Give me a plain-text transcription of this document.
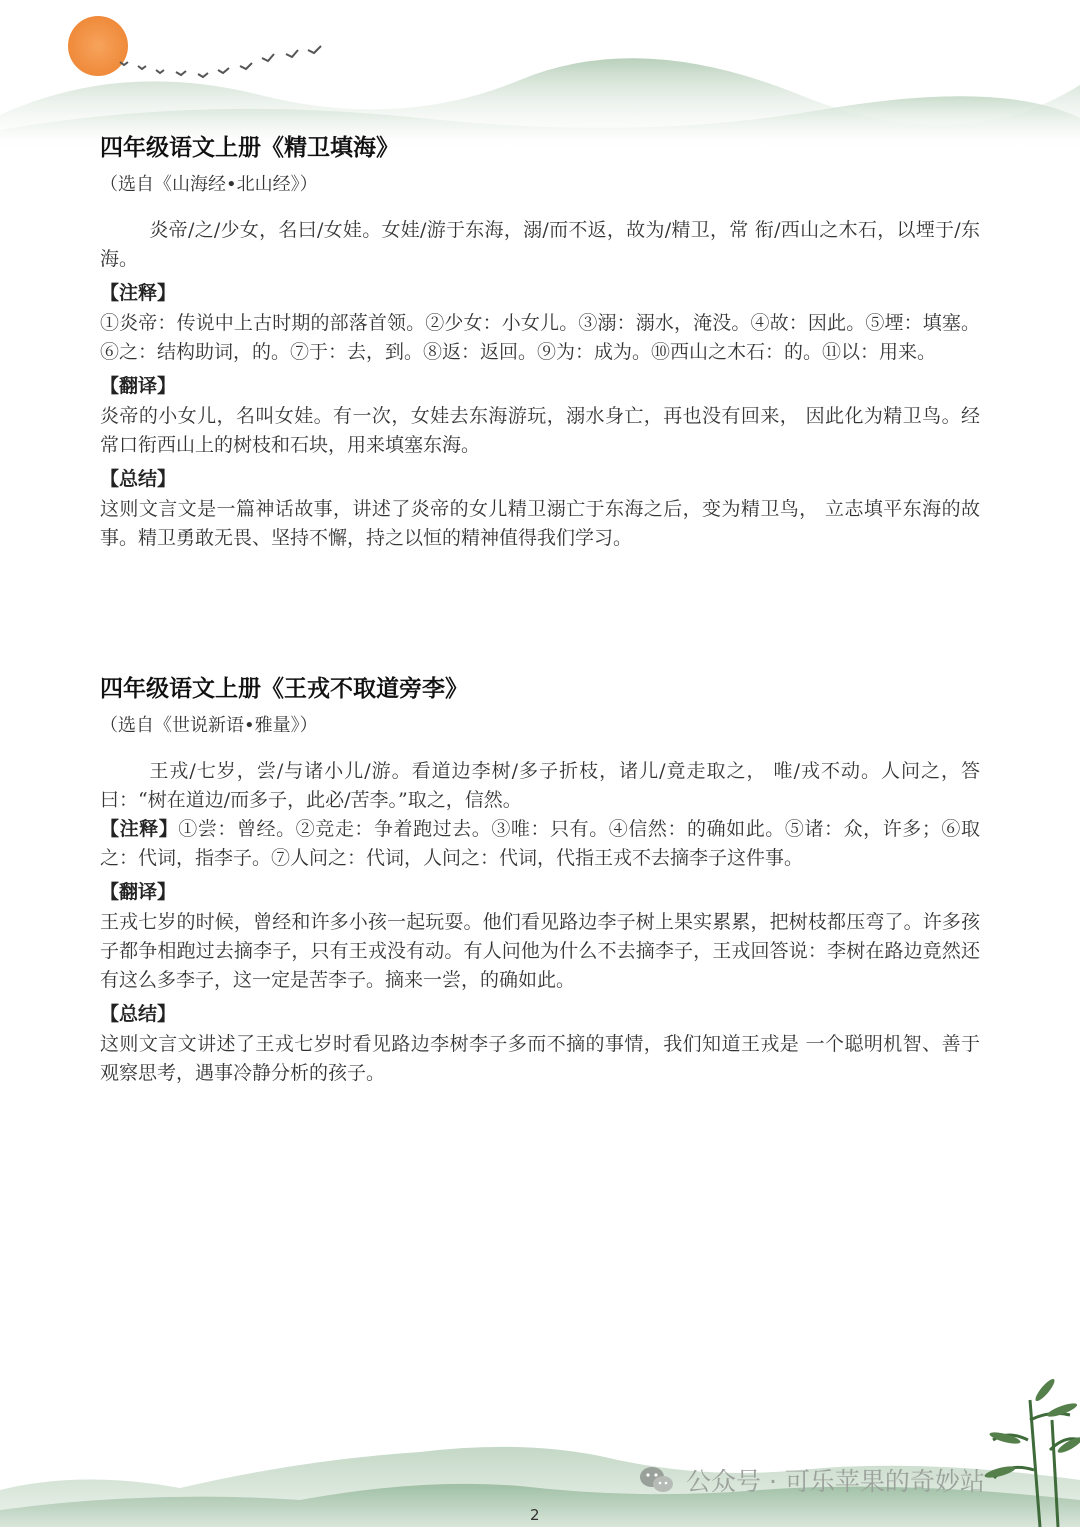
四年级语文上册《精卫填海》

（选自《山海经•北山经》）

炎帝/之/少女，名曰/女娃。女娃/游于东海，溺/而不返，故为/精卫，常 衔/西山之木石，以堙于/东海。

【注释】

①炎帝：传说中上古时期的部落首领。②少女：小女儿。③溺：溺水，淹没。④故：因此。⑤堙：填塞。⑥之：结构助词，的。⑦于：去，到。⑧返：返回。⑨为：成为。⑩西山之木石：的。⑪以：用来。

【翻译】

炎帝的小女儿，名叫女娃。有一次，女娃去东海游玩，溺水身亡，再也没有回来， 因此化为精卫鸟。经常口衔西山上的树枝和石块，用来填塞东海。

【总结】

这则文言文是一篇神话故事，讲述了炎帝的女儿精卫溺亡于东海之后，变为精卫鸟， 立志填平东海的故事。精卫勇敢无畏、坚持不懈，持之以恒的精神值得我们学习。

四年级语文上册《王戎不取道旁李》

（选自《世说新语•雅量》）

王戎/七岁，尝/与诸小儿/游。看道边李树/多子折枝，诸儿/竟走取之， 唯/戎不动。人问之，答曰：“树在道边/而多子，此必/苦李。”取之，信然。

【注释】①尝：曾经。②竞走：争着跑过去。③唯：只有。④信然：的确如此。⑤诸：众，许多；⑥取之：代词，指李子。⑦人问之：代词，人问之：代词，代指王戎不去摘李子这件事。

【翻译】

王戎七岁的时候，曾经和许多小孩一起玩耍。他们看见路边李子树上果实累累，把树枝都压弯了。许多孩子都争相跑过去摘李子，只有王戎没有动。有人问他为什么不去摘李子，王戎回答说：李树在路边竟然还有这么多李子，这一定是苦李子。摘来一尝，的确如此。

【总结】

这则文言文讲述了王戎七岁时看见路边李树李子多而不摘的事情，我们知道王戎是 一个聪明机智、善于观察思考，遇事冷静分析的孩子。

公众号 · 可乐苹果的奇妙站
2
